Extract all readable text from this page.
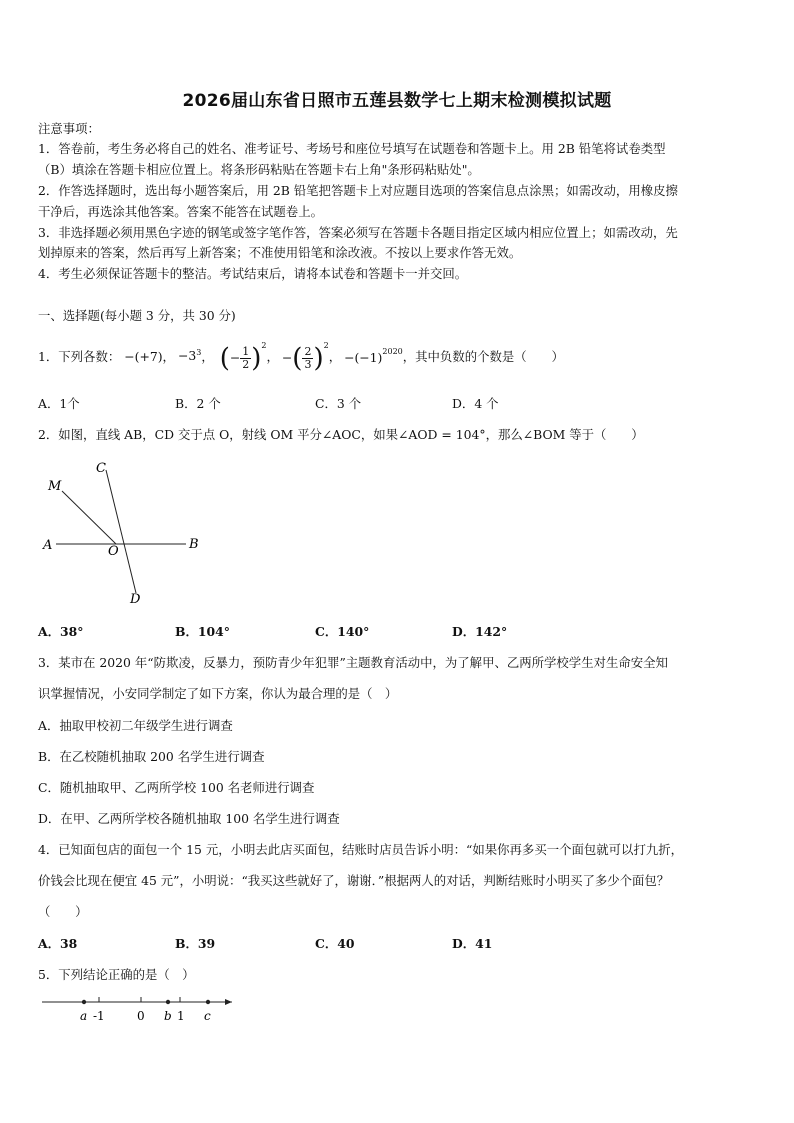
2026届山东省日照市五莲县数学七上期末检测模拟试题
注意事项：
1．答卷前，考生务必将自己的姓名、准考证号、考场号和座位号填写在试题卷和答题卡上。用 2B 铅笔将试卷类型
（B）填涂在答题卡相应位置上。将条形码粘贴在答题卡右上角"条形码粘贴处"。
2．作答选择题时，选出每小题答案后，用 2B 铅笔把答题卡上对应题目选项的答案信息点涂黑；如需改动，用橡皮擦
干净后，再选涂其他答案。答案不能答在试题卷上。
3．非选择题必须用黑色字迹的钢笔或签字笔作答，答案必须写在答题卡各题目指定区域内相应位置上；如需改动，先
划掉原来的答案，然后再写上新答案；不准使用铅笔和涂改液。不按以上要求作答无效。
4．考生必须保证答题卡的整洁。考试结束后，请将本试卷和答题卡一并交回。
一、选择题(每小题 3 分，共 30 分)
1．下列各数： −(+7)， $-3^3$ ， (− $\frac{1}{2} )^2$
， −( $\frac{2}{3} )^2$
， $-(-1)^{2020}$ ，其中负数的个数是（　　）
A．1个	B．2 个	C．3 个	D．4 个
2．如图，直线 AB，CD 交于点 O，射线 OM 平分∠AOC，如果∠AOD = 104°，那么∠BOM 等于（　　）
C
M
A	O	B
D
A．38°	B．104°	C．140°	D．142°
3．某市在 2020 年“防欺凌，反暴力，预防青少年犯罪”主题教育活动中，为了解甲、乙两所学校学生对生命安全知
识掌握情况，小安同学制定了如下方案，你认为最合理的是（　）
A．抽取甲校初二年级学生进行调查
B．在乙校随机抽取 200 名学生进行调查
C．随机抽取甲、乙两所学校 100 名老师进行调查
D．在甲、乙两所学校各随机抽取 100 名学生进行调查
4．已知面包店的面包一个 15 元，小明去此店买面包，结账时店员告诉小明：“如果你再多买一个面包就可以打九折，
价钱会比现在便宜 45 元”，小明说：“我买这些就好了，谢谢．”根据两人的对话，判断结账时小明买了多少个面包？
（　　）
A．38	B．39	C．40	D．41
5．下列结论正确的是（　）
a -1	0 b 1 c
